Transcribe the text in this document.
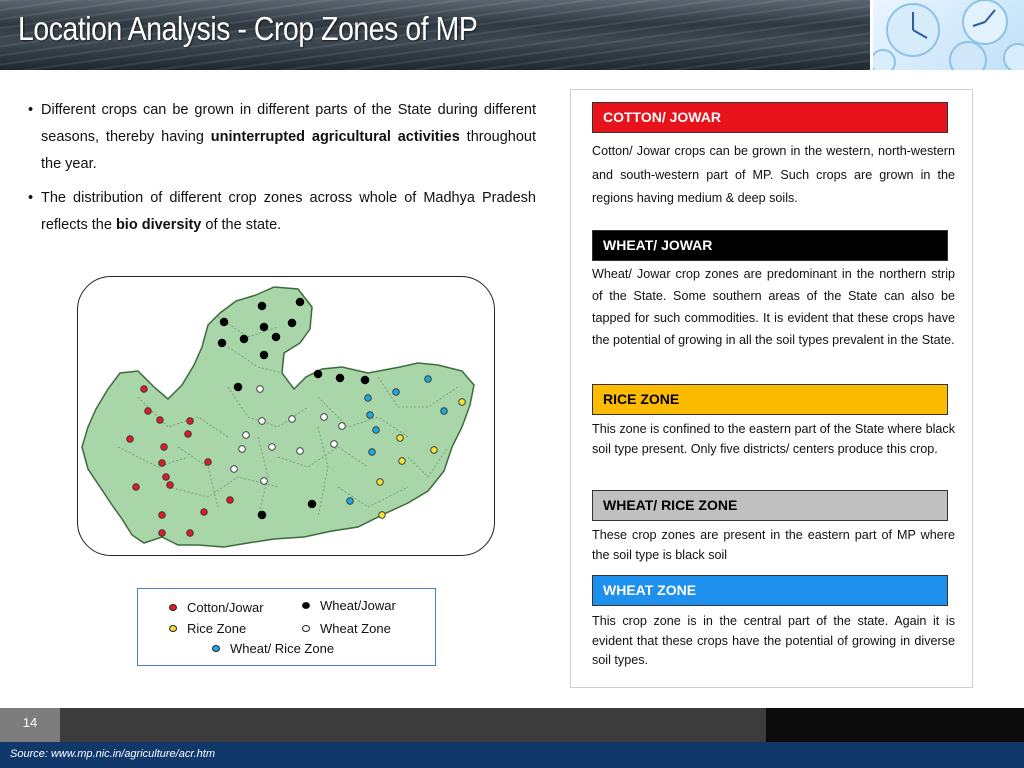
Location Analysis - Crop Zones of MP
• Different crops can be grown in different parts of the State during different seasons, thereby having uninterrupted agricultural activities throughout the year.
• The distribution of different crop zones across whole of Madhya Pradesh reflects the bio diversity of the state.
Cotton/Jowar	Wheat/Jowar
Rice Zone	Wheat Zone
Wheat/ Rice Zone
COTTON/ JOWAR
Cotton/ Jowar crops can be grown in the western, north-western and south-western part of MP. Such crops are grown in the regions having medium & deep soils.
WHEAT/ JOWAR
Wheat/ Jowar crop zones are predominant in the northern strip of the State. Some southern areas of the State can also be tapped for such commodities. It is evident that these crops have the potential of growing in all the soil types prevalent in the State.
RICE ZONE
This zone is confined to the eastern part of the State where black soil type present. Only five districts/ centers produce this crop.
WHEAT/ RICE ZONE
These crop zones are present in the eastern part of MP where the soil type is black soil
WHEAT ZONE
This crop zone is in the central part of the state. Again it is evident that these crops have the potential of growing in diverse soil types.
14
Source: www.mp.nic.in/agriculture/acr.htm
